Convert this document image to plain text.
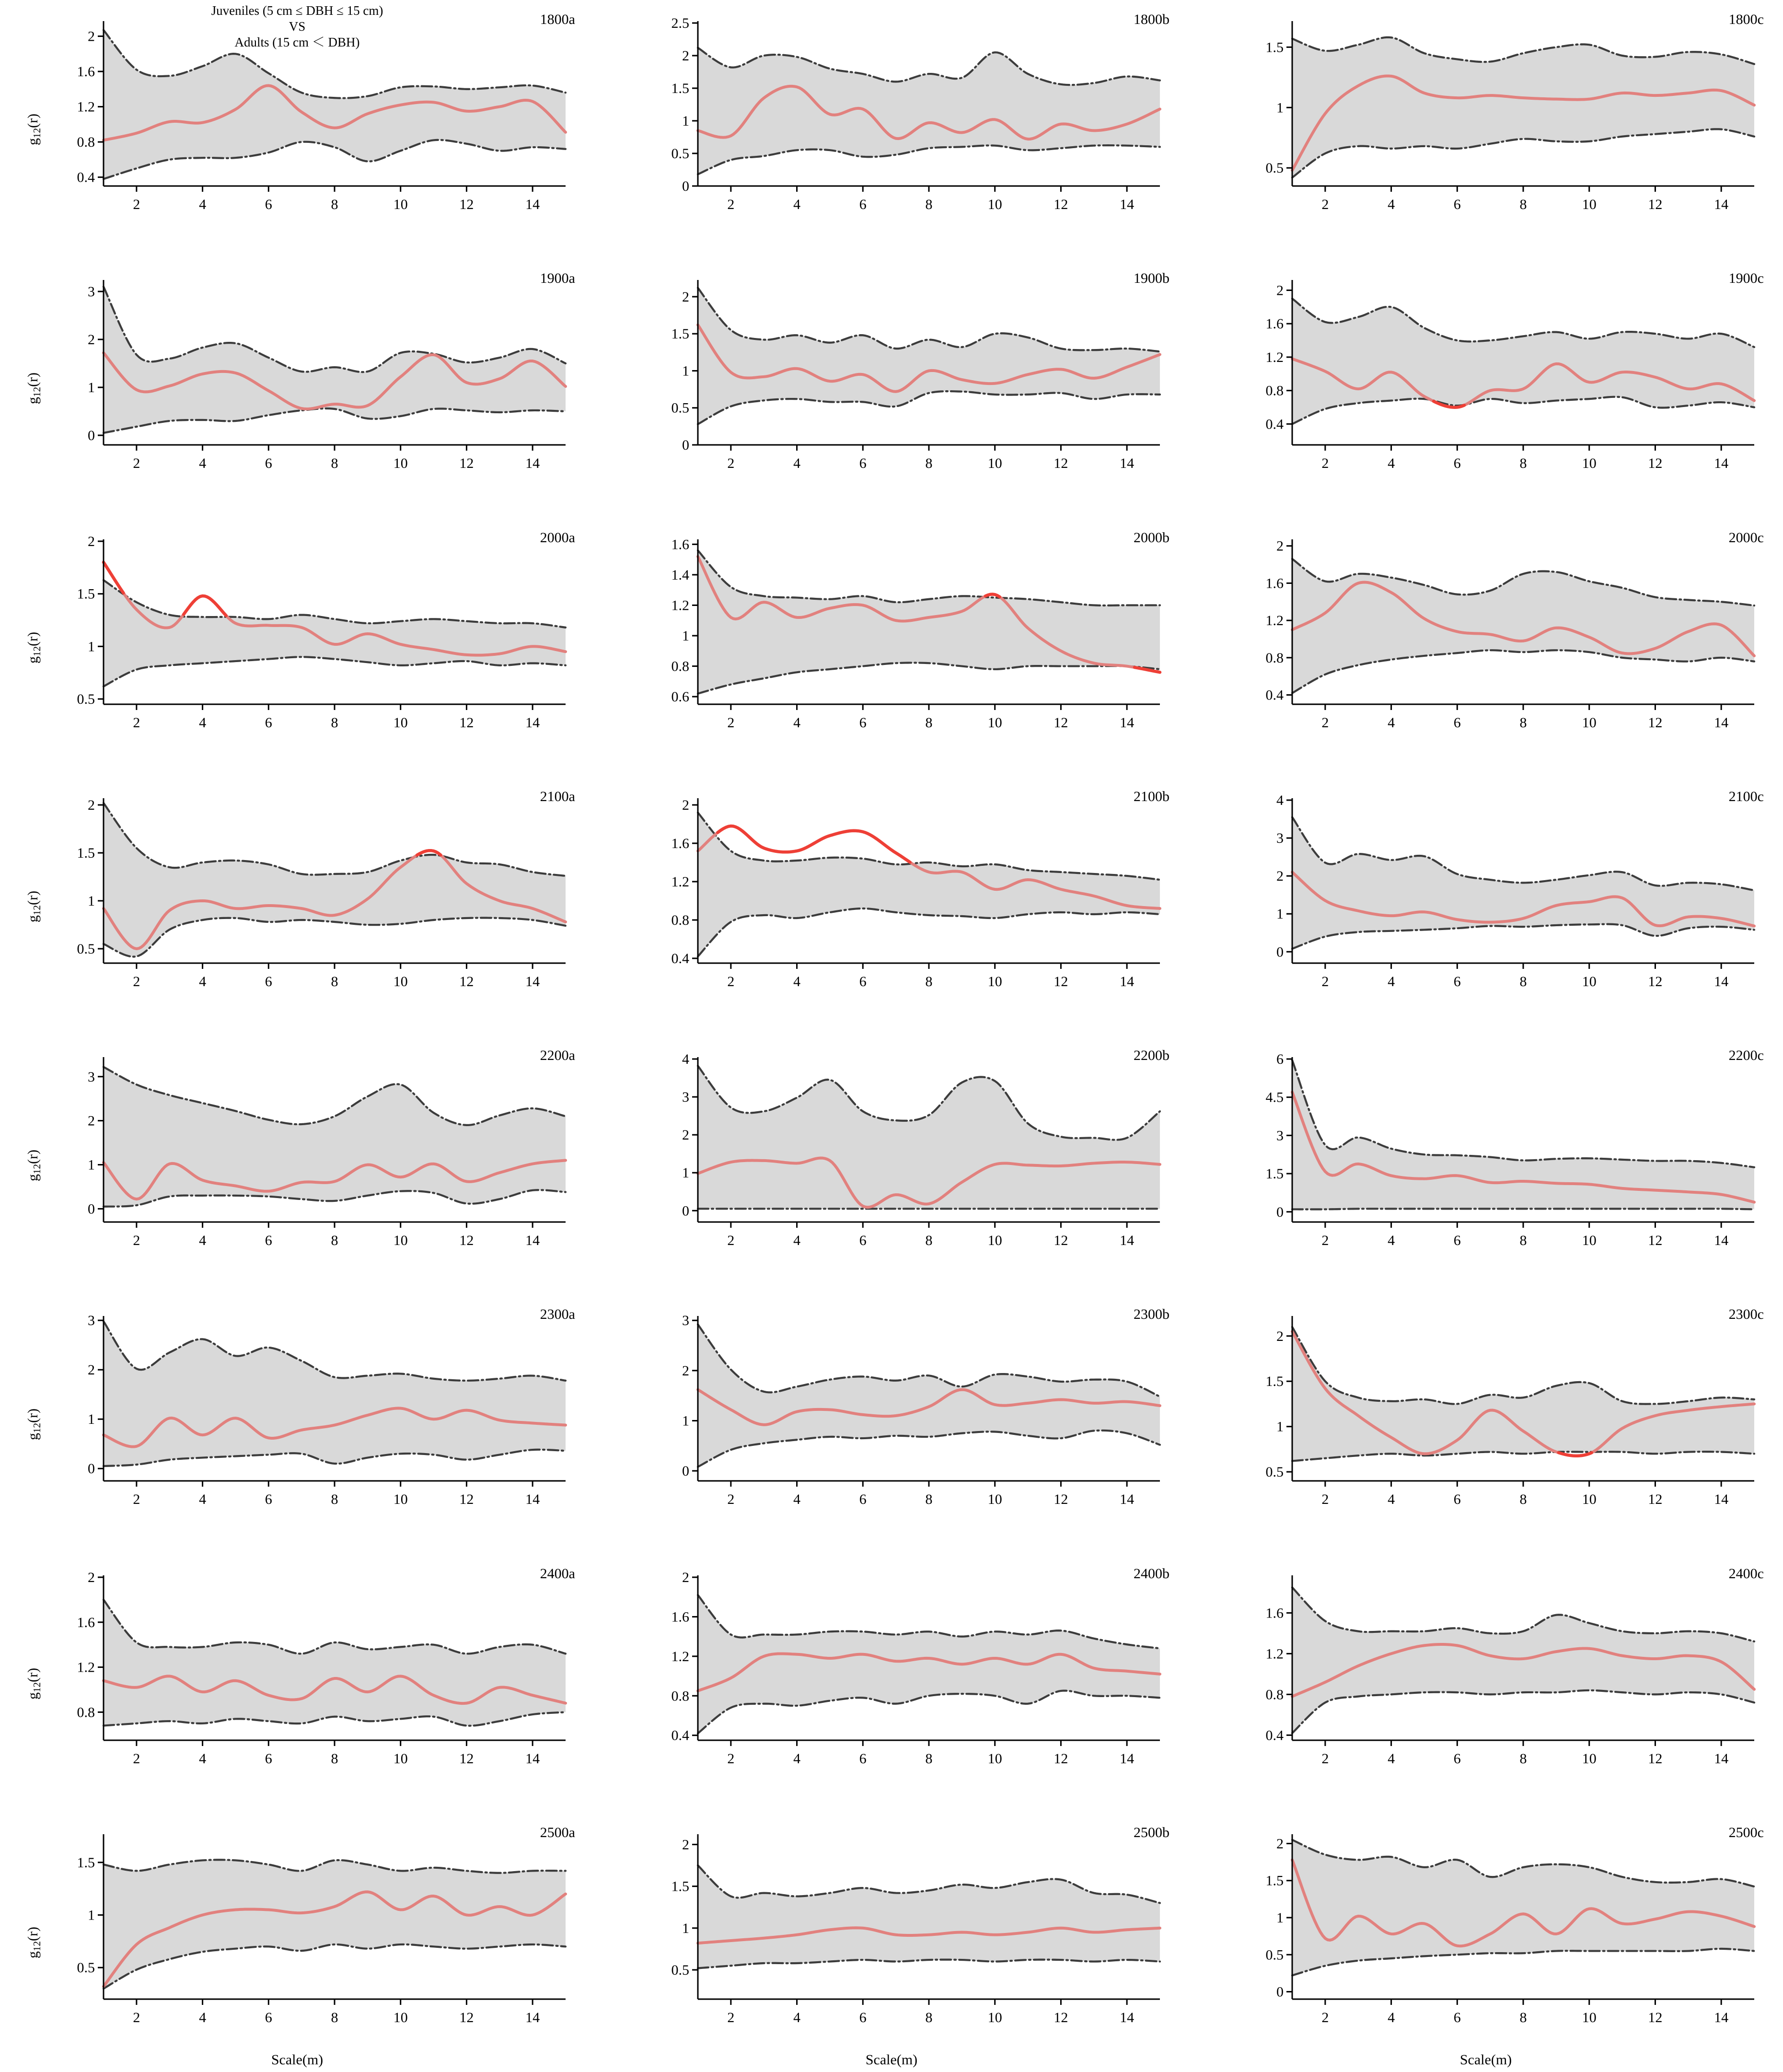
0.4
0.8
1.2
1.6
2
2	4	6	8	10	12	14
1800a
$g_{12}(r)$
Juveniles (5 cm ≤ DBH ≤ 15 cm)
VS
Adults (15 cm ＜ DBH)
0
0.5
1
1.5
2
2.5
2	4	6	8	10	12	14
1800b
0.5
1
1.5
2	4	6	8	10	12	14
1800c
0
1
2
3
2	4	6	8	10	12	14
1900a
$g_{12}(r)$
0
0.5
1
1.5
2
2	4	6	8	10	12	14
1900b
0.4
0.8
1.2
1.6
2
2	4	6	8	10	12	14
1900c
0.5
1
1.5
2
2	4	6	8	10	12	14
2000a
$g_{12}(r)$
0.6
0.8
1
1.2
1.4
1.6
2	4	6	8	10	12	14
2000b
0.4
0.8
1.2
1.6
2
2	4	6	8	10	12	14
2000c
0.5
1
1.5
2
2	4	6	8	10	12	14
2100a
$g_{12}(r)$
0.4
0.8
1.2
1.6
2
2	4	6	8	10	12	14
2100b
0
1
2
3
4
2	4	6	8	10	12	14
2100c
0
1
2
3
2	4	6	8	10	12	14
2200a
$g_{12}(r)$
0
1
2
3
4
2	4	6	8	10	12	14
2200b
0
1.5
3
4.5
6
2	4	6	8	10	12	14
2200c
0
1
2
3
2	4	6	8	10	12	14
2300a
$g_{12}(r)$
0
1
2
3
2	4	6	8	10	12	14
2300b
0.5
1
1.5
2
2	4	6	8	10	12	14
2300c
0.8
1.2
1.6
2
2	4	6	8	10	12	14
2400a
$g_{12}(r)$
0.4
0.8
1.2
1.6
2
2	4	6	8	10	12	14
2400b
0.4
0.8
1.2
1.6
2	4	6	8	10	12	14
2400c
0.5
1
1.5
2	4	6	8	10	12	14
2500a
$g_{12}(r)$
Scale(m)
0.5
1
1.5
2
2	4	6	8	10	12	14
2500b
Scale(m)
0
0.5
1
1.5
2
2	4	6	8	10	12	14
2500c
Scale(m)
